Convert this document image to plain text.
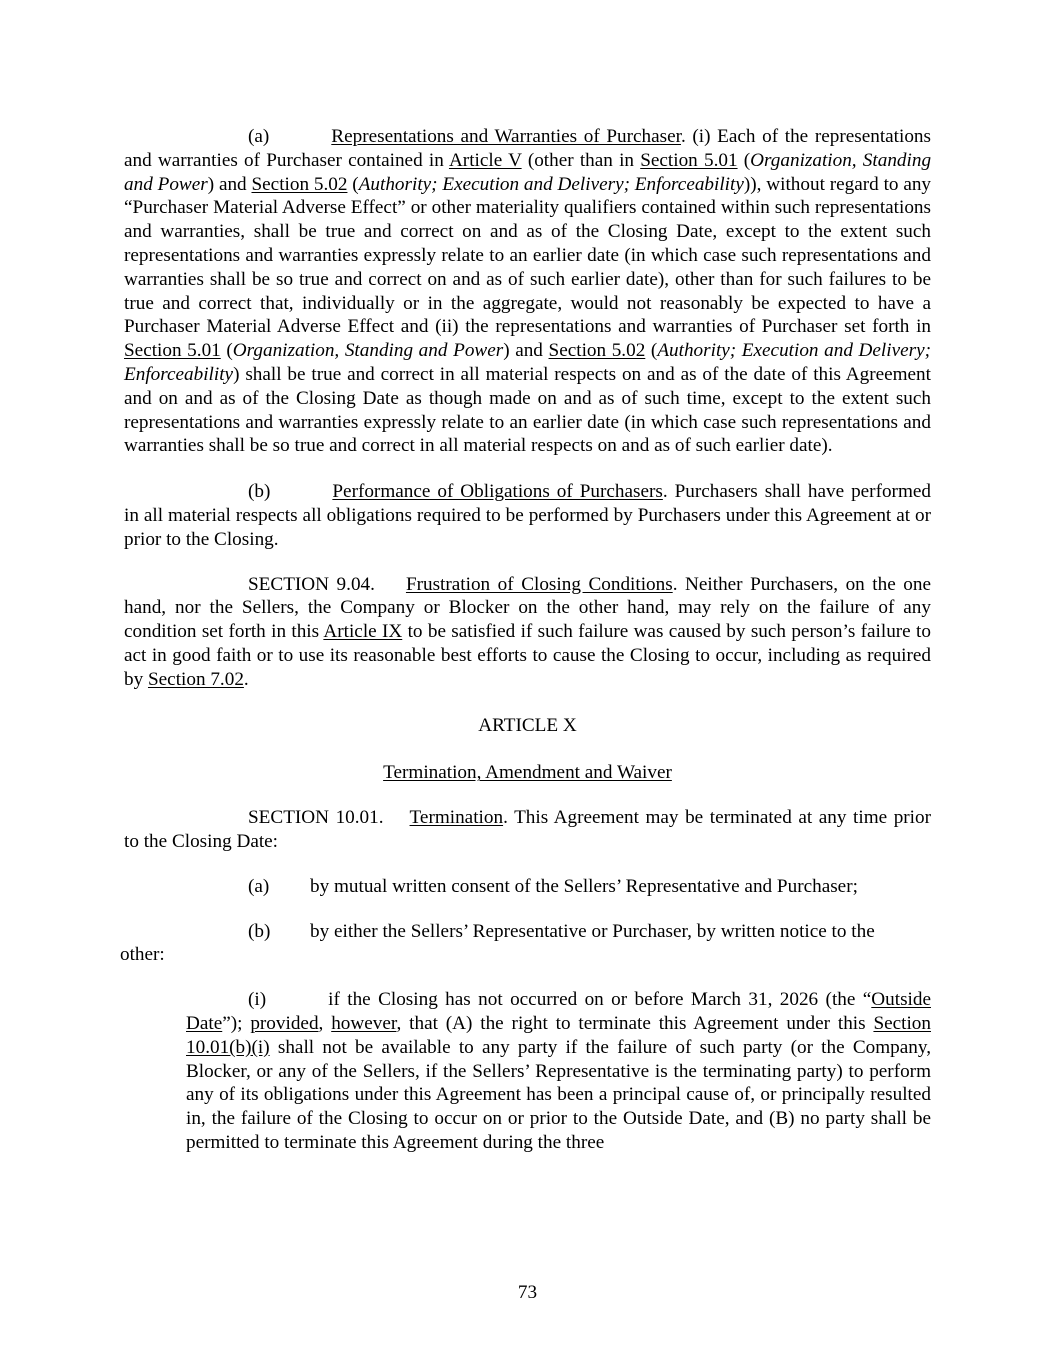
(a)	Representations and Warranties of Purchaser. (i) Each of the representations and warranties of Purchaser contained in Article V (other than in Section 5.01 (Organization, Standing and Power) and Section 5.02 (Authority; Execution and Delivery; Enforceability)), without regard to any “Purchaser Material Adverse Effect” or other materiality qualifiers contained within such representations and warranties, shall be true and correct on and as of the Closing Date, except to the extent such representations and warranties expressly relate to an earlier date (in which case such representations and warranties shall be so true and correct on and as of such earlier date), other than for such failures to be true and correct that, individually or in the aggregate, would not reasonably be expected to have a Purchaser Material Adverse Effect and (ii) the representations and warranties of Purchaser set forth in Section 5.01 (Organization, Standing and Power) and Section 5.02 (Authority; Execution and Delivery; Enforceability) shall be true and correct in all material respects on and as of the date of this Agreement and on and as of the Closing Date as though made on and as of such time, except to the extent such representations and warranties expressly relate to an earlier date (in which case such representations and warranties shall be so true and correct in all material respects on and as of such earlier date).

(b)	Performance of Obligations of Purchasers. Purchasers shall have performed in all material respects all obligations required to be performed by Purchasers under this Agreement at or prior to the Closing.

SECTION 9.04. Frustration of Closing Conditions. Neither Purchasers, on the one hand, nor the Sellers, the Company or Blocker on the other hand, may rely on the failure of any condition set forth in this Article IX to be satisfied if such failure was caused by such person’s failure to act in good faith or to use its reasonable best efforts to cause the Closing to occur, including as required by Section 7.02.

ARTICLE X

Termination, Amendment and Waiver

SECTION 10.01. Termination. This Agreement may be terminated at any time prior to the Closing Date:

(a) by mutual written consent of the Sellers’ Representative and Purchaser;

(b) by either the Sellers’ Representative or Purchaser, by written notice to the

other:

(i)	if the Closing has not occurred on or before March 31, 2026 (the “Outside Date”); provided, however, that (A) the right to terminate this Agreement under this Section 10.01(b)(i) shall not be available to any party if the failure of such party (or the Company, Blocker, or any of the Sellers, if the Sellers’ Representative is the terminating party) to perform any of its obligations under this Agreement has been a principal cause of, or principally resulted in, the failure of the Closing to occur on or prior to the Outside Date, and (B) no party shall be permitted to terminate this Agreement during the three

73
